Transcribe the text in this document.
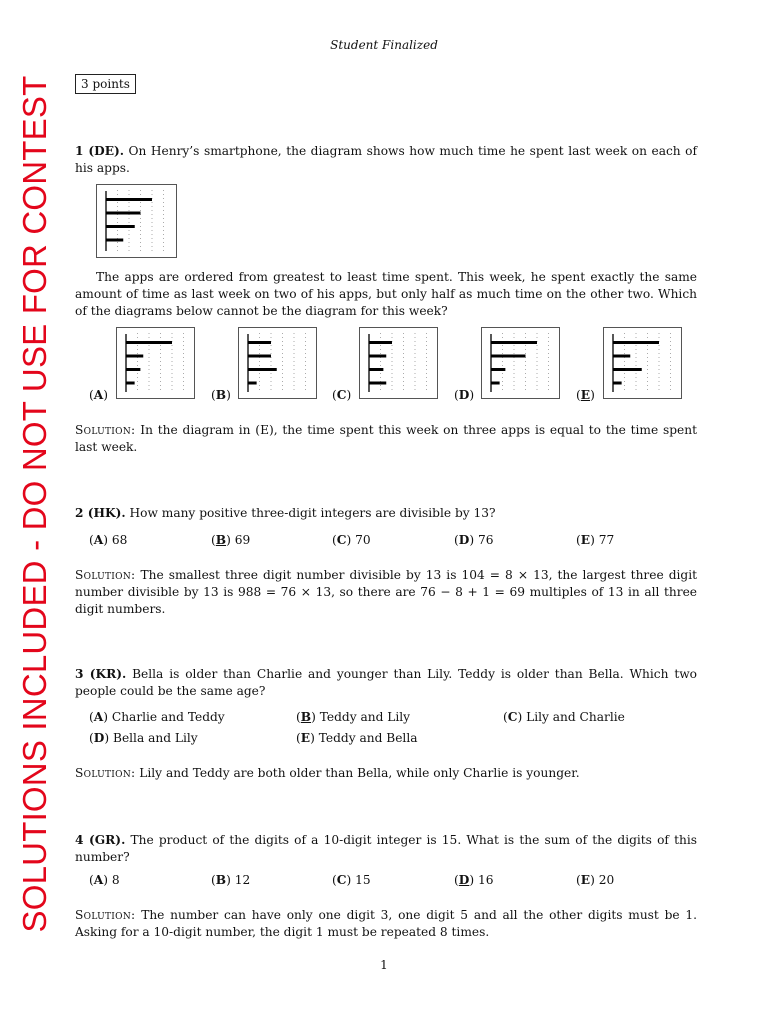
Student Finalized
SOLUTIONS INCLUDED - DO NOT USE FOR CONTEST	3 points
1 (DE). On Henry’s smartphone, the diagram shows how much time he spent last week on each of his apps.
The apps are ordered from greatest to least time spent. This week, he spent exactly the same amount of time as last week on two of his apps, but only half as much time on the other two. Which of the diagrams below cannot be the diagram for this week?
(A)	(B)	(C)	(D)	(E)
Solution: In the diagram in (E), the time spent this week on three apps is equal to the time spent last week.
2 (HK). How many positive three-digit integers are divisible by 13?
(A) 68	(B) 69	(C) 70	(D) 76	(E) 77
Solution: The smallest three digit number divisible by 13 is 104 = 8 × 13, the largest three digit number divisible by 13 is 988 = 76 × 13, so there are 76 − 8 + 1 = 69 multiples of 13 in all three digit numbers.
3 (KR). Bella is older than Charlie and younger than Lily. Teddy is older than Bella. Which two people could be the same age?
(A) Charlie and Teddy	(B) Teddy and Lily	(C) Lily and Charlie
(D) Bella and Lily	(E) Teddy and Bella
Solution: Lily and Teddy are both older than Bella, while only Charlie is younger.
4 (GR). The product of the digits of a 10-digit integer is 15. What is the sum of the digits of this number?
(A) 8	(B) 12	(C) 15	(D) 16	(E) 20
Solution: The number can have only one digit 3, one digit 5 and all the other digits must be 1. Asking for a 10-digit number, the digit 1 must be repeated 8 times.
1
